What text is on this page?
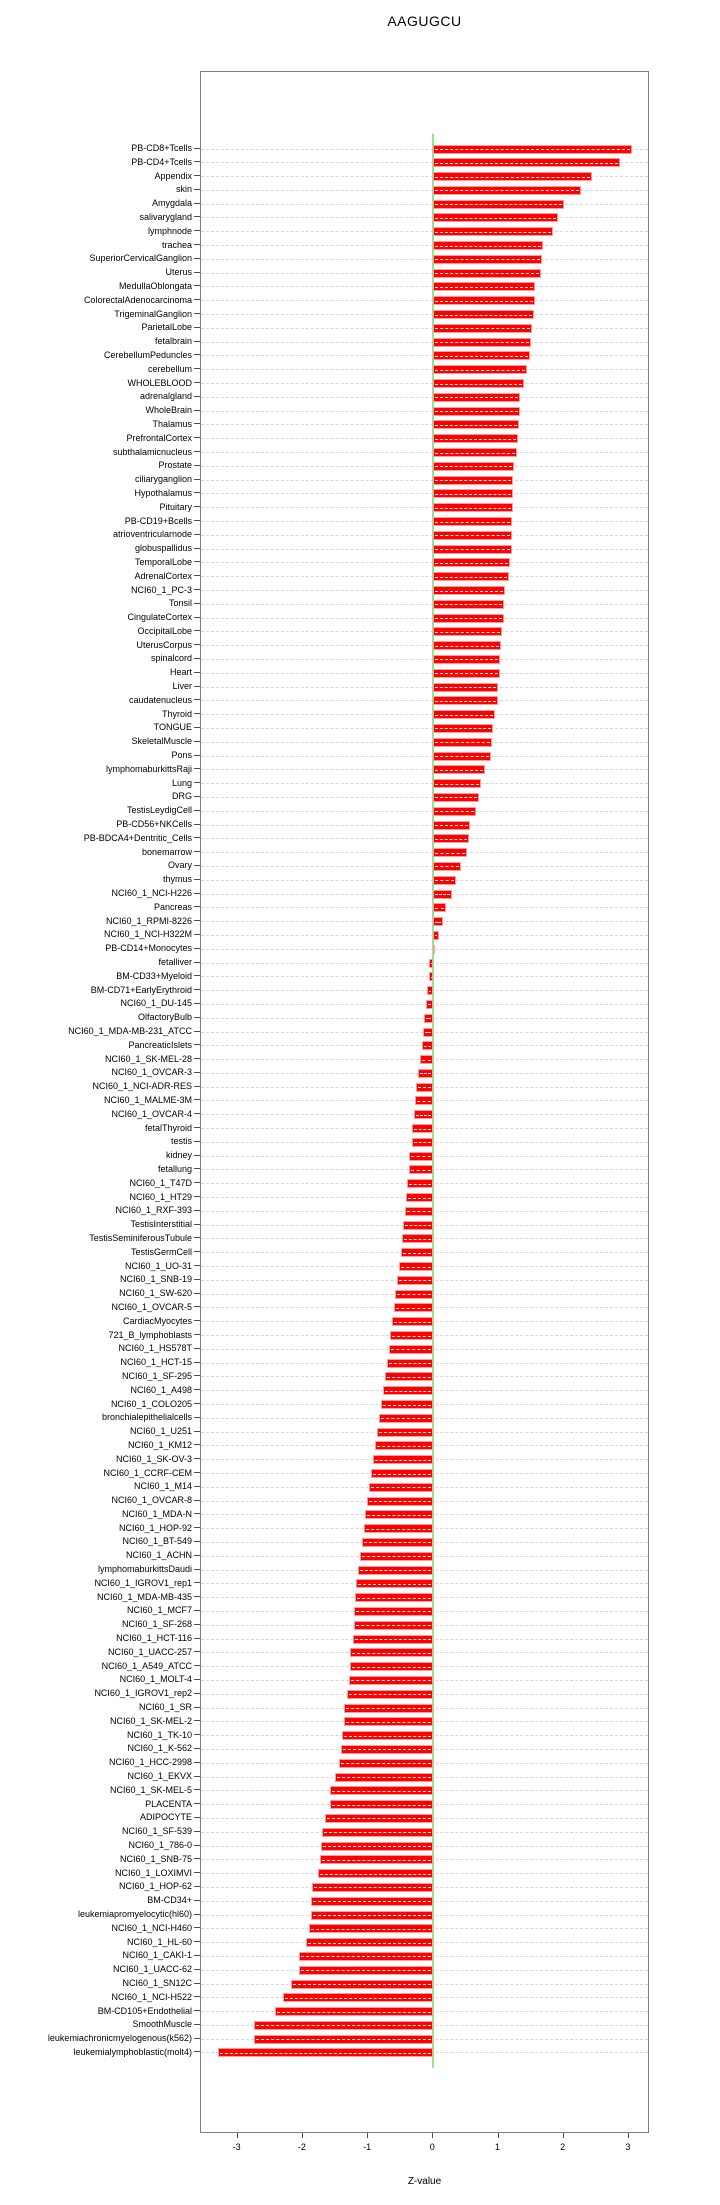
AAGUGCU
Z-value
PB-CD8+Tcells
PB-CD4+Tcells
Appendix
skin
Amygdala
salivarygland
lymphnode
trachea
SuperiorCervicalGanglion
Uterus
MedullaOblongata
ColorectalAdenocarcinoma
TrigeminalGanglion
ParietalLobe
fetalbrain
CerebellumPeduncles
cerebellum
WHOLEBLOOD
adrenalgland
WholeBrain
Thalamus
PrefrontalCortex
subthalamicnucleus
Prostate
ciliaryganglion
Hypothalamus
Pituitary
PB-CD19+Bcells
atrioventricularnode
globuspallidus
TemporalLobe
AdrenalCortex
NCI60_1_PC-3
Tonsil
CingulateCortex
OccipitalLobe
UterusCorpus
spinalcord
Heart
Liver
caudatenucleus
Thyroid
TONGUE
SkeletalMuscle
Pons
lymphomaburkittsRaji
Lung
DRG
TestisLeydigCell
PB-CD56+NKCells
PB-BDCA4+Dentritic_Cells
bonemarrow
Ovary
thymus
NCI60_1_NCI-H226
Pancreas
NCI60_1_RPMI-8226
NCI60_1_NCI-H322M
PB-CD14+Monocytes
fetalliver
BM-CD33+Myeloid
BM-CD71+EarlyErythroid
NCI60_1_DU-145
OlfactoryBulb
NCI60_1_MDA-MB-231_ATCC
PancreaticIslets
NCI60_1_SK-MEL-28
NCI60_1_OVCAR-3
NCI60_1_NCI-ADR-RES
NCI60_1_MALME-3M
NCI60_1_OVCAR-4
fetalThyroid
testis
kidney
fetallung
NCI60_1_T47D
NCI60_1_HT29
NCI60_1_RXF-393
TestisInterstitial
TestisSeminiferousTubule
TestisGermCell
NCI60_1_UO-31
NCI60_1_SNB-19
NCI60_1_SW-620
NCI60_1_OVCAR-5
CardiacMyocytes
721_B_lymphoblasts
NCI60_1_HS578T
NCI60_1_HCT-15
NCI60_1_SF-295
NCI60_1_A498
NCI60_1_COLO205
bronchialepithelialcells
NCI60_1_U251
NCI60_1_KM12
NCI60_1_SK-OV-3
NCI60_1_CCRF-CEM
NCI60_1_M14
NCI60_1_OVCAR-8
NCI60_1_MDA-N
NCI60_1_HOP-92
NCI60_1_BT-549
NCI60_1_ACHN
lymphomaburkittsDaudi
NCI60_1_IGROV1_rep1
NCI60_1_MDA-MB-435
NCI60_1_MCF7
NCI60_1_SF-268
NCI60_1_HCT-116
NCI60_1_UACC-257
NCI60_1_A549_ATCC
NCI60_1_MOLT-4
NCI60_1_IGROV1_rep2
NCI60_1_SR
NCI60_1_SK-MEL-2
NCI60_1_TK-10
NCI60_1_K-562
NCI60_1_HCC-2998
NCI60_1_EKVX
NCI60_1_SK-MEL-5
PLACENTA
ADIPOCYTE
NCI60_1_SF-539
NCI60_1_786-0
NCI60_1_SNB-75
NCI60_1_LOXIMVI
NCI60_1_HOP-62
BM-CD34+
leukemiapromyelocytic(hl60)
NCI60_1_NCI-H460
NCI60_1_HL-60
NCI60_1_CAKI-1
NCI60_1_UACC-62
NCI60_1_SN12C
NCI60_1_NCI-H522
BM-CD105+Endothelial
SmoothMuscle
leukemiachronicmyelogenous(k562)
leukemialymphoblastic(molt4)
-3	-2	-1	0	1	2	3
